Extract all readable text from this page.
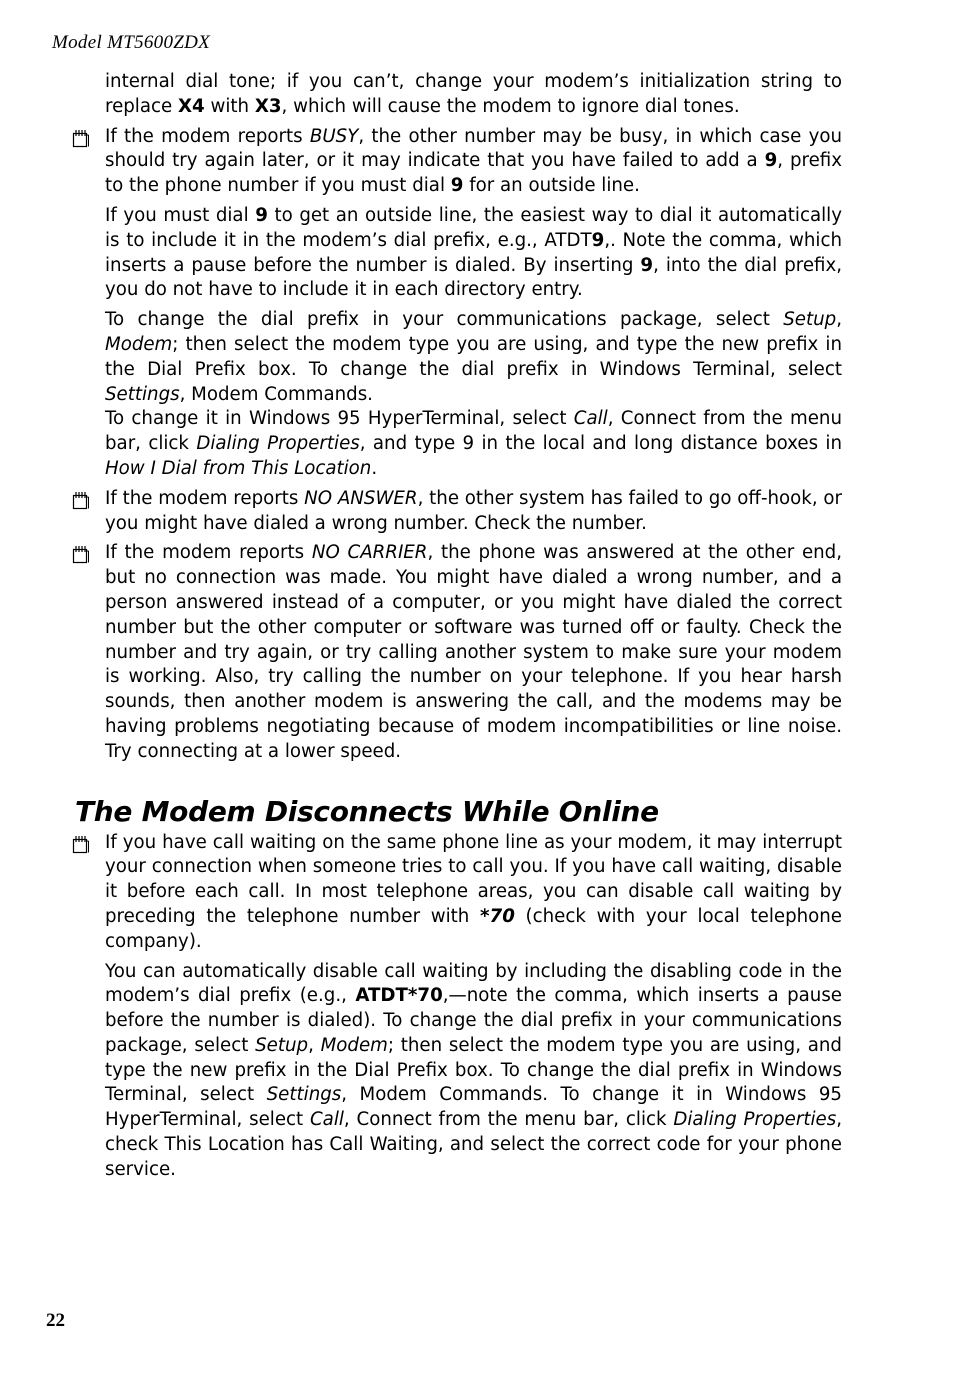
Model MT5600ZDX

internal dial tone; if you can’t, change your modem’s initialization string to replace X4 with X3, which will cause the modem to ignore dial tones.

If the modem reports BUSY, the other number may be busy, in which case you should try again later, or it may indicate that you have failed to add a 9, prefix to the phone number if you must dial 9 for an outside line.

If you must dial 9 to get an outside line, the easiest way to dial it automatically is to include it in the modem’s dial prefix, e.g., ATDT9,. Note the comma, which inserts a pause before the number is dialed. By inserting 9, into the dial prefix, you do not have to include it in each directory entry.

To change the dial prefix in your communications package, select Setup, Modem; then select the modem type you are using, and type the new prefix in the Dial Prefix box. To change the dial prefix in Windows Terminal, select Settings, Modem Commands.

To change it in Windows 95 HyperTerminal, select Call, Connect from the menu bar, click Dialing Properties, and type 9 in the local and long distance boxes in How I Dial from This Location.

If the modem reports NO ANSWER, the other system has failed to go off-hook, or you might have dialed a wrong number. Check the number.

If the modem reports NO CARRIER, the phone was answered at the other end, but no connection was made. You might have dialed a wrong number, and a person answered instead of a computer, or you might have dialed the correct number but the other computer or software was turned off or faulty. Check the number and try again, or try calling another system to make sure your modem is working. Also, try calling the number on your telephone. If you hear harsh sounds, then another modem is answering the call, and the modems may be having problems negotiating because of modem incompatibilities or line noise. Try connecting at a lower speed.

The Modem Disconnects While Online

If you have call waiting on the same phone line as your modem, it may interrupt your connection when someone tries to call you. If you have call waiting, disable it before each call. In most telephone areas, you can disable call waiting by preceding the telephone number with *70 (check with your local telephone company).

You can automatically disable call waiting by including the disabling code in the modem’s dial prefix (e.g., ATDT*70,—note the comma, which inserts a pause before the number is dialed). To change the dial prefix in your communications package, select Setup, Modem; then select the modem type you are using, and type the new prefix in the Dial Prefix box. To change the dial prefix in Windows Terminal, select Settings, Modem Commands. To change it in Windows 95 HyperTerminal, select Call, Connect from the menu bar, click Dialing Properties, check This Location has Call Waiting, and select the correct code for your phone service.

22
